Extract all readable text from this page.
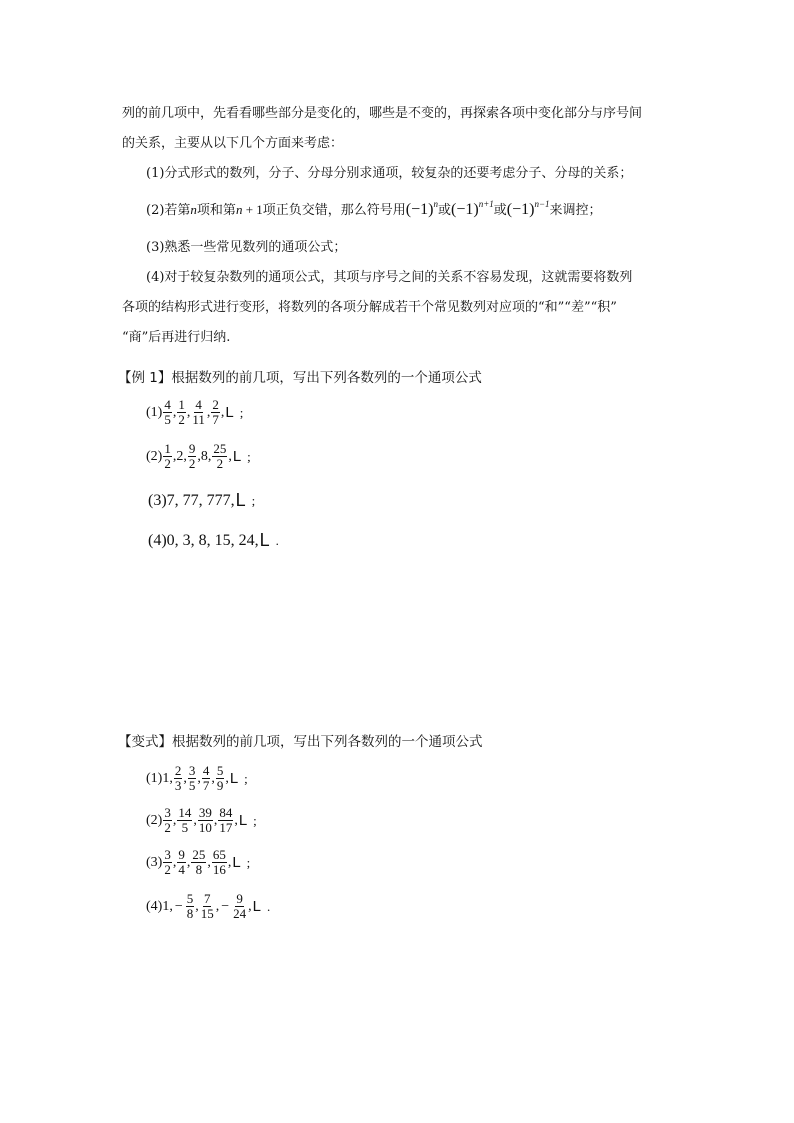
列的前几项中，先看看哪些部分是变化的，哪些是不变的，再探索各项中变化部分与序号间
的关系，主要从以下几个方面来考虑：
(1)分式形式的数列，分子、分母分别求通项，较复杂的还要考虑分子、分母的关系；
(2)若第n项和第n + 1项正负交错，那么符号用$(-1)^n$或$(-1)^{n+1}$或$(-1)^{n-1}$来调控；
(3)熟悉一些常见数列的通项公式；
(4)对于较复杂数列的通项公式，其项与序号之间的关系不容易发现，这就需要将数列
各项的结构形式进行变形，将数列的各项分解成若干个常见数列对应项的“和”“差”“积”
“商”后再进行归纳.
【例 1】根据数列的前几项，写出下列各数列的一个通项公式
$(1) \frac{4}{5}$ , $\frac{1}{2}$ , $\frac{4}{11}$ , $\frac{2}{7}$ , L ;
$(2) \frac{1}{2}$ , 2 , $\frac{9}{2}$ , 8 , $\frac{25}{2}$ , L ;
(3)7, 77, 777, L ;
(4)0, 3, 8, 15, 24, L .
【变式】根据数列的前几项，写出下列各数列的一个通项公式
(1) 1 , $\frac{2}{3}$ , $\frac{3}{5}$ , $\frac{4}{7}$ , $\frac{5}{9}$ , L ;
$(2) \frac{3}{2}$ , $\frac{14}{5}$ , $\frac{39}{10}$ , $\frac{84}{17}$ , L ;
$(3) \frac{3}{2}$ , $\frac{9}{4}$ , $\frac{25}{8}$ , $\frac{65}{16}$ , L ;
(4) 1 , − $\frac{5}{8}$ , $\frac{7}{15}$ , − $\frac{9}{24}$ , L .
